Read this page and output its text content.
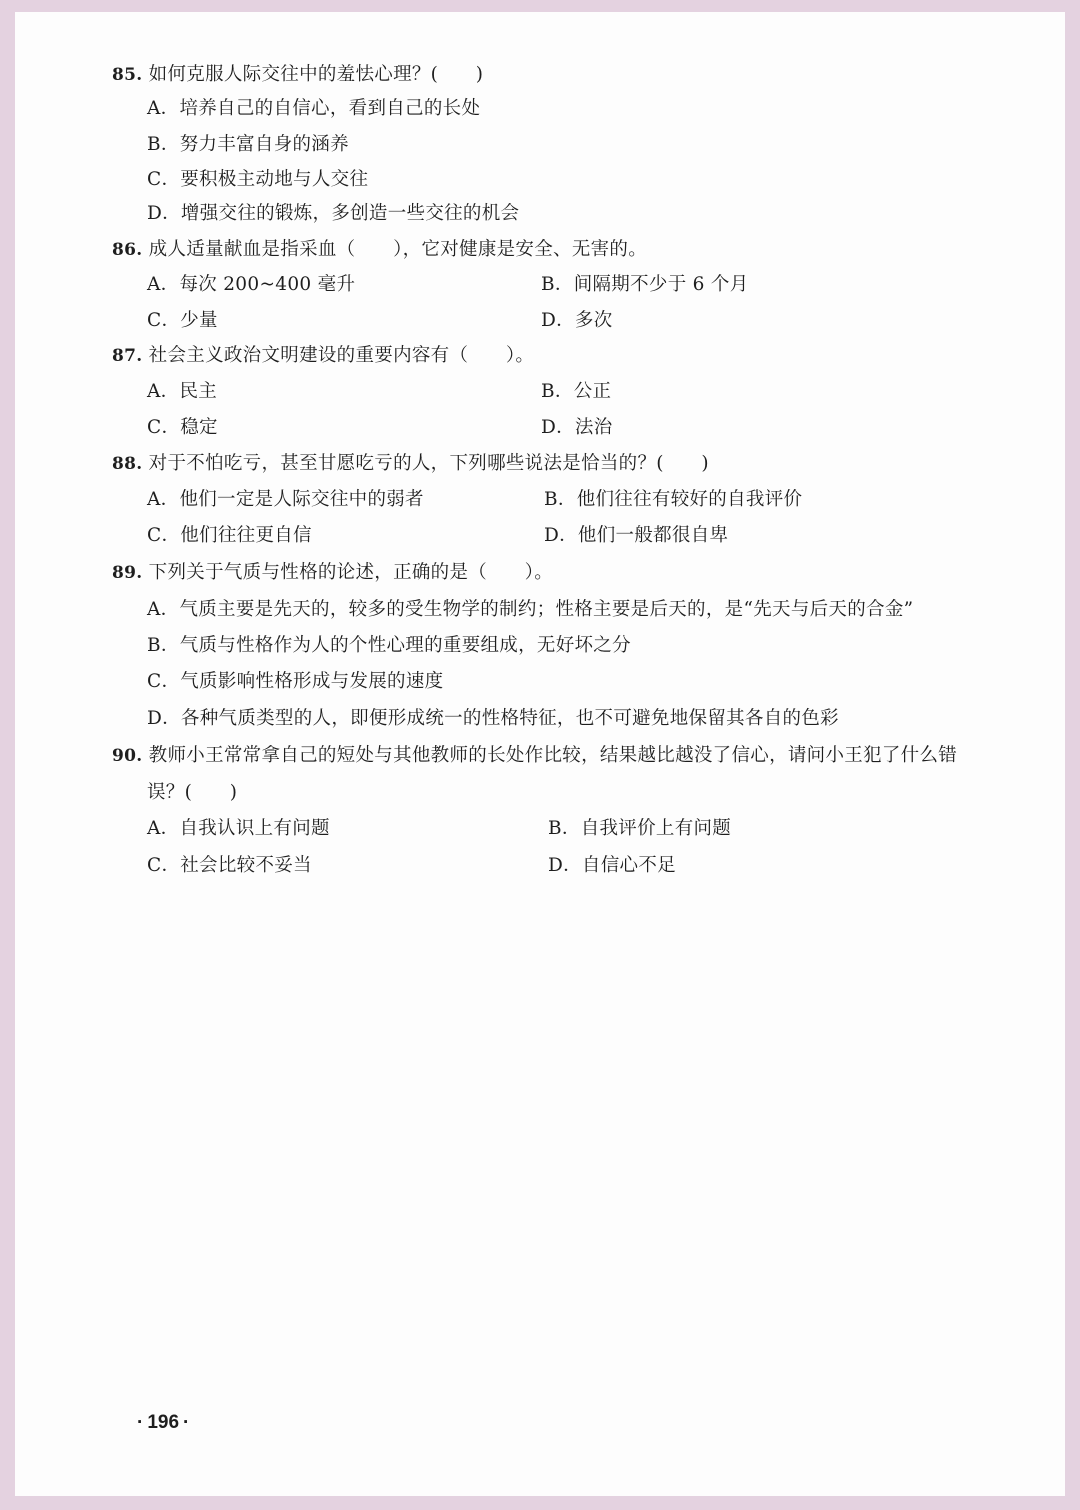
85. 如何克服人际交往中的羞怯心理？(　　)
A．培养自己的自信心，看到自己的长处
B．努力丰富自身的涵养
C．要积极主动地与人交往
D．增强交往的锻炼，多创造一些交往的机会
86. 成人适量献血是指采血（　　），它对健康是安全、无害的。
A．每次 200~400 毫升	B．间隔期不少于 6 个月
C．少量	D．多次
87. 社会主义政治文明建设的重要内容有（　　）。
A．民主	B．公正
C．稳定	D．法治
88. 对于不怕吃亏，甚至甘愿吃亏的人，下列哪些说法是恰当的？(　　)
A．他们一定是人际交往中的弱者	B．他们往往有较好的自我评价
C．他们往往更自信	D．他们一般都很自卑
89. 下列关于气质与性格的论述，正确的是（　　）。
A．气质主要是先天的，较多的受生物学的制约；性格主要是后天的，是“先天与后天的合金”
B．气质与性格作为人的个性心理的重要组成，无好坏之分
C．气质影响性格形成与发展的速度
D．各种气质类型的人，即便形成统一的性格特征，也不可避免地保留其各自的色彩
90. 教师小王常常拿自己的短处与其他教师的长处作比较，结果越比越没了信心，请问小王犯了什么错
误？(　　)
A．自我认识上有问题	B．自我评价上有问题
C．社会比较不妥当	D．自信心不足
· 196 ·
